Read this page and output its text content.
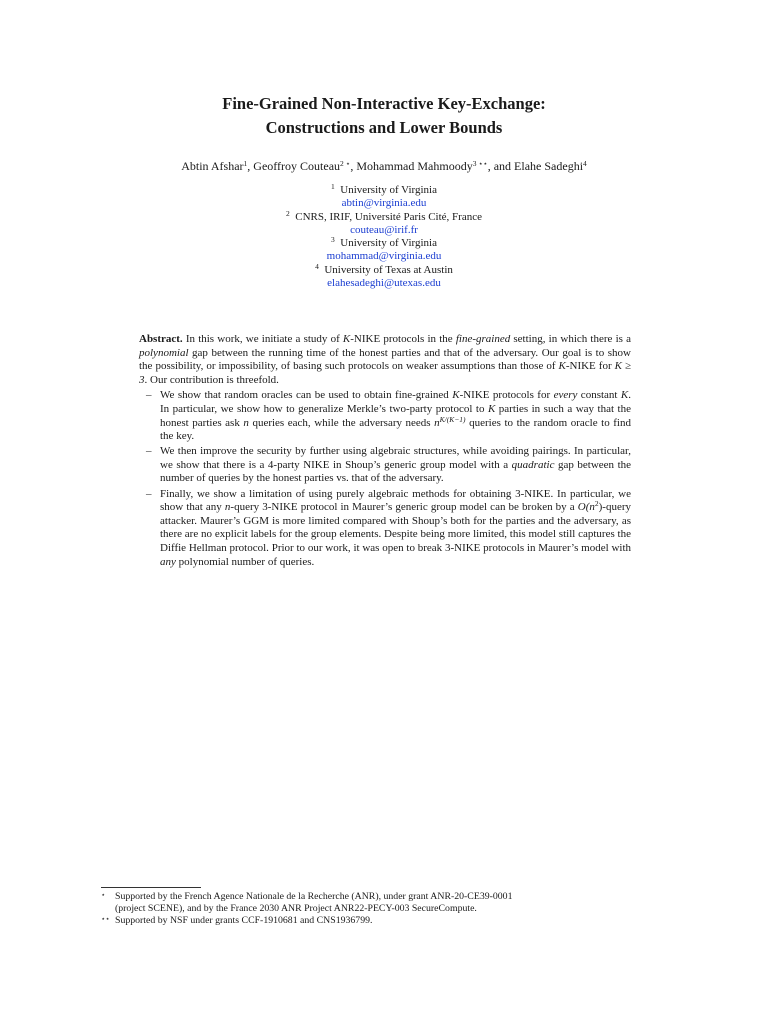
Fine-Grained Non-Interactive Key-Exchange:
Constructions and Lower Bounds
Abtin Afshar$^1$, Geoffroy Couteau$^{2 ⋆}$, Mohammad Mahmoody$^{3 ⋆⋆}$, and Elahe Sadeghi$^4$
$^1$ University of Virginia
abtin@virginia.edu
$^2$ CNRS, IRIF, Université Paris Cité, France
couteau@irif.fr
$^3$ University of Virginia
mohammad@virginia.edu
$^4$ University of Texas at Austin
elahesadeghi@utexas.edu

Abstract. In this work, we initiate a study of K-NIKE protocols in the fine-grained setting, in which there is a polynomial gap between the running time of the honest parties and that of the adversary. Our goal is to show the possibility, or impossibility, of basing such protocols on weaker assumptions than those of K-NIKE for K ≥ 3. Our contribution is threefold.

– We show that random oracles can be used to obtain fine-grained K-NIKE protocols for every constant K. In particular, we show how to generalize Merkle’s two-party protocol to K parties in such a way that the honest parties ask n queries each, while the adversary needs $n^{K/(K-1)}$ queries to the random oracle to find the key.
– We then improve the security by further using algebraic structures, while avoiding pairings. In particular, we show that there is a 4-party NIKE in Shoup’s generic group model with a quadratic gap between the number of queries by the honest parties vs. that of the adversary.
– Finally, we show a limitation of using purely algebraic methods for obtaining 3-NIKE. In particular, we show that any n-query 3-NIKE protocol in Maurer’s generic group model can be broken by a $O(n^2)$-query attacker. Maurer’s GGM is more limited compared with Shoup’s both for the parties and the adversary, as there are no explicit labels for the group elements. Despite being more limited, this model still captures the Diffie Hellman protocol. Prior to our work, it was open to break 3-NIKE protocols in Maurer’s model with any polynomial number of queries.
⋆ Supported by the French Agence Nationale de la Recherche (ANR), under grant ANR-20-CE39-0001
(project SCENE), and by the France 2030 ANR Project ANR22-PECY-003 SecureCompute.
⋆⋆ Supported by NSF under grants CCF-1910681 and CNS1936799.
